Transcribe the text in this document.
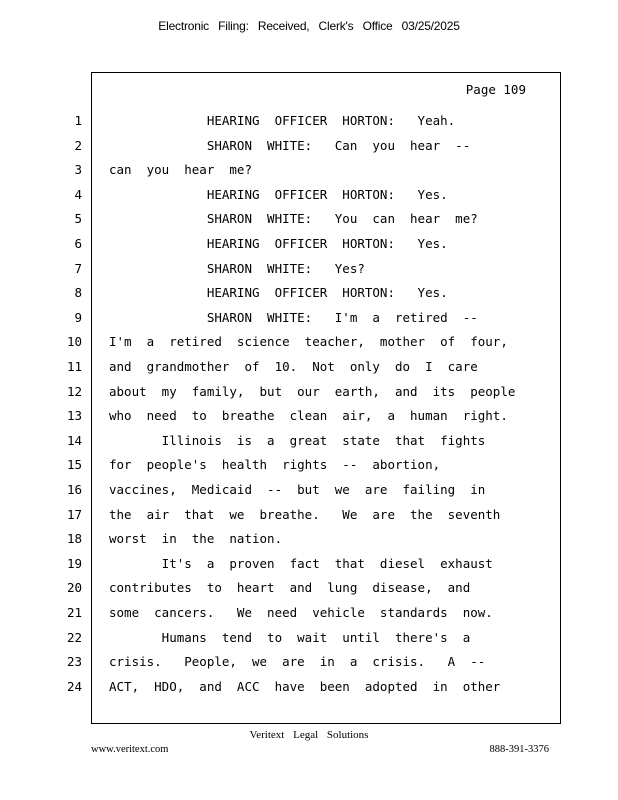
Electronic Filing: Received, Clerk's Office 03/25/2025
Page 109
1 HEARING  OFFICER  HORTON:   Yeah.
2 SHARON  WHITE:   Can  you  hear  --
3 can  you  hear  me?
4 HEARING  OFFICER  HORTON:   Yes.
5 SHARON  WHITE:   You  can  hear  me?
6 HEARING  OFFICER  HORTON:   Yes.
7 SHARON  WHITE:   Yes?
8 HEARING  OFFICER  HORTON:   Yes.
9 SHARON  WHITE:   I'm  a  retired  --
10 I'm  a  retired  science  teacher,  mother  of  four,
11 and  grandmother  of  10.  Not  only  do  I  care
12 about  my  family,  but  our  earth,  and  its  people
13 who  need  to  breathe  clean  air,  a  human  right.
14 Illinois  is  a  great  state  that  fights
15 for  people's  health  rights  --  abortion,
16 vaccines,  Medicaid  --  but  we  are  failing  in
17 the  air  that  we  breathe.   We  are  the  seventh
18 worst  in  the  nation.
19 It's  a  proven  fact  that  diesel  exhaust
20 contributes  to  heart  and  lung  disease,  and
21 some  cancers.   We  need  vehicle  standards  now.
22 Humans  tend  to  wait  until  there's  a
23 crisis.   People,  we  are  in  a  crisis.   A  --
24 ACT,  HDO,  and  ACC  have  been  adopted  in  other
Veritext Legal Solutions
www.veritext.com	888-391-3376
